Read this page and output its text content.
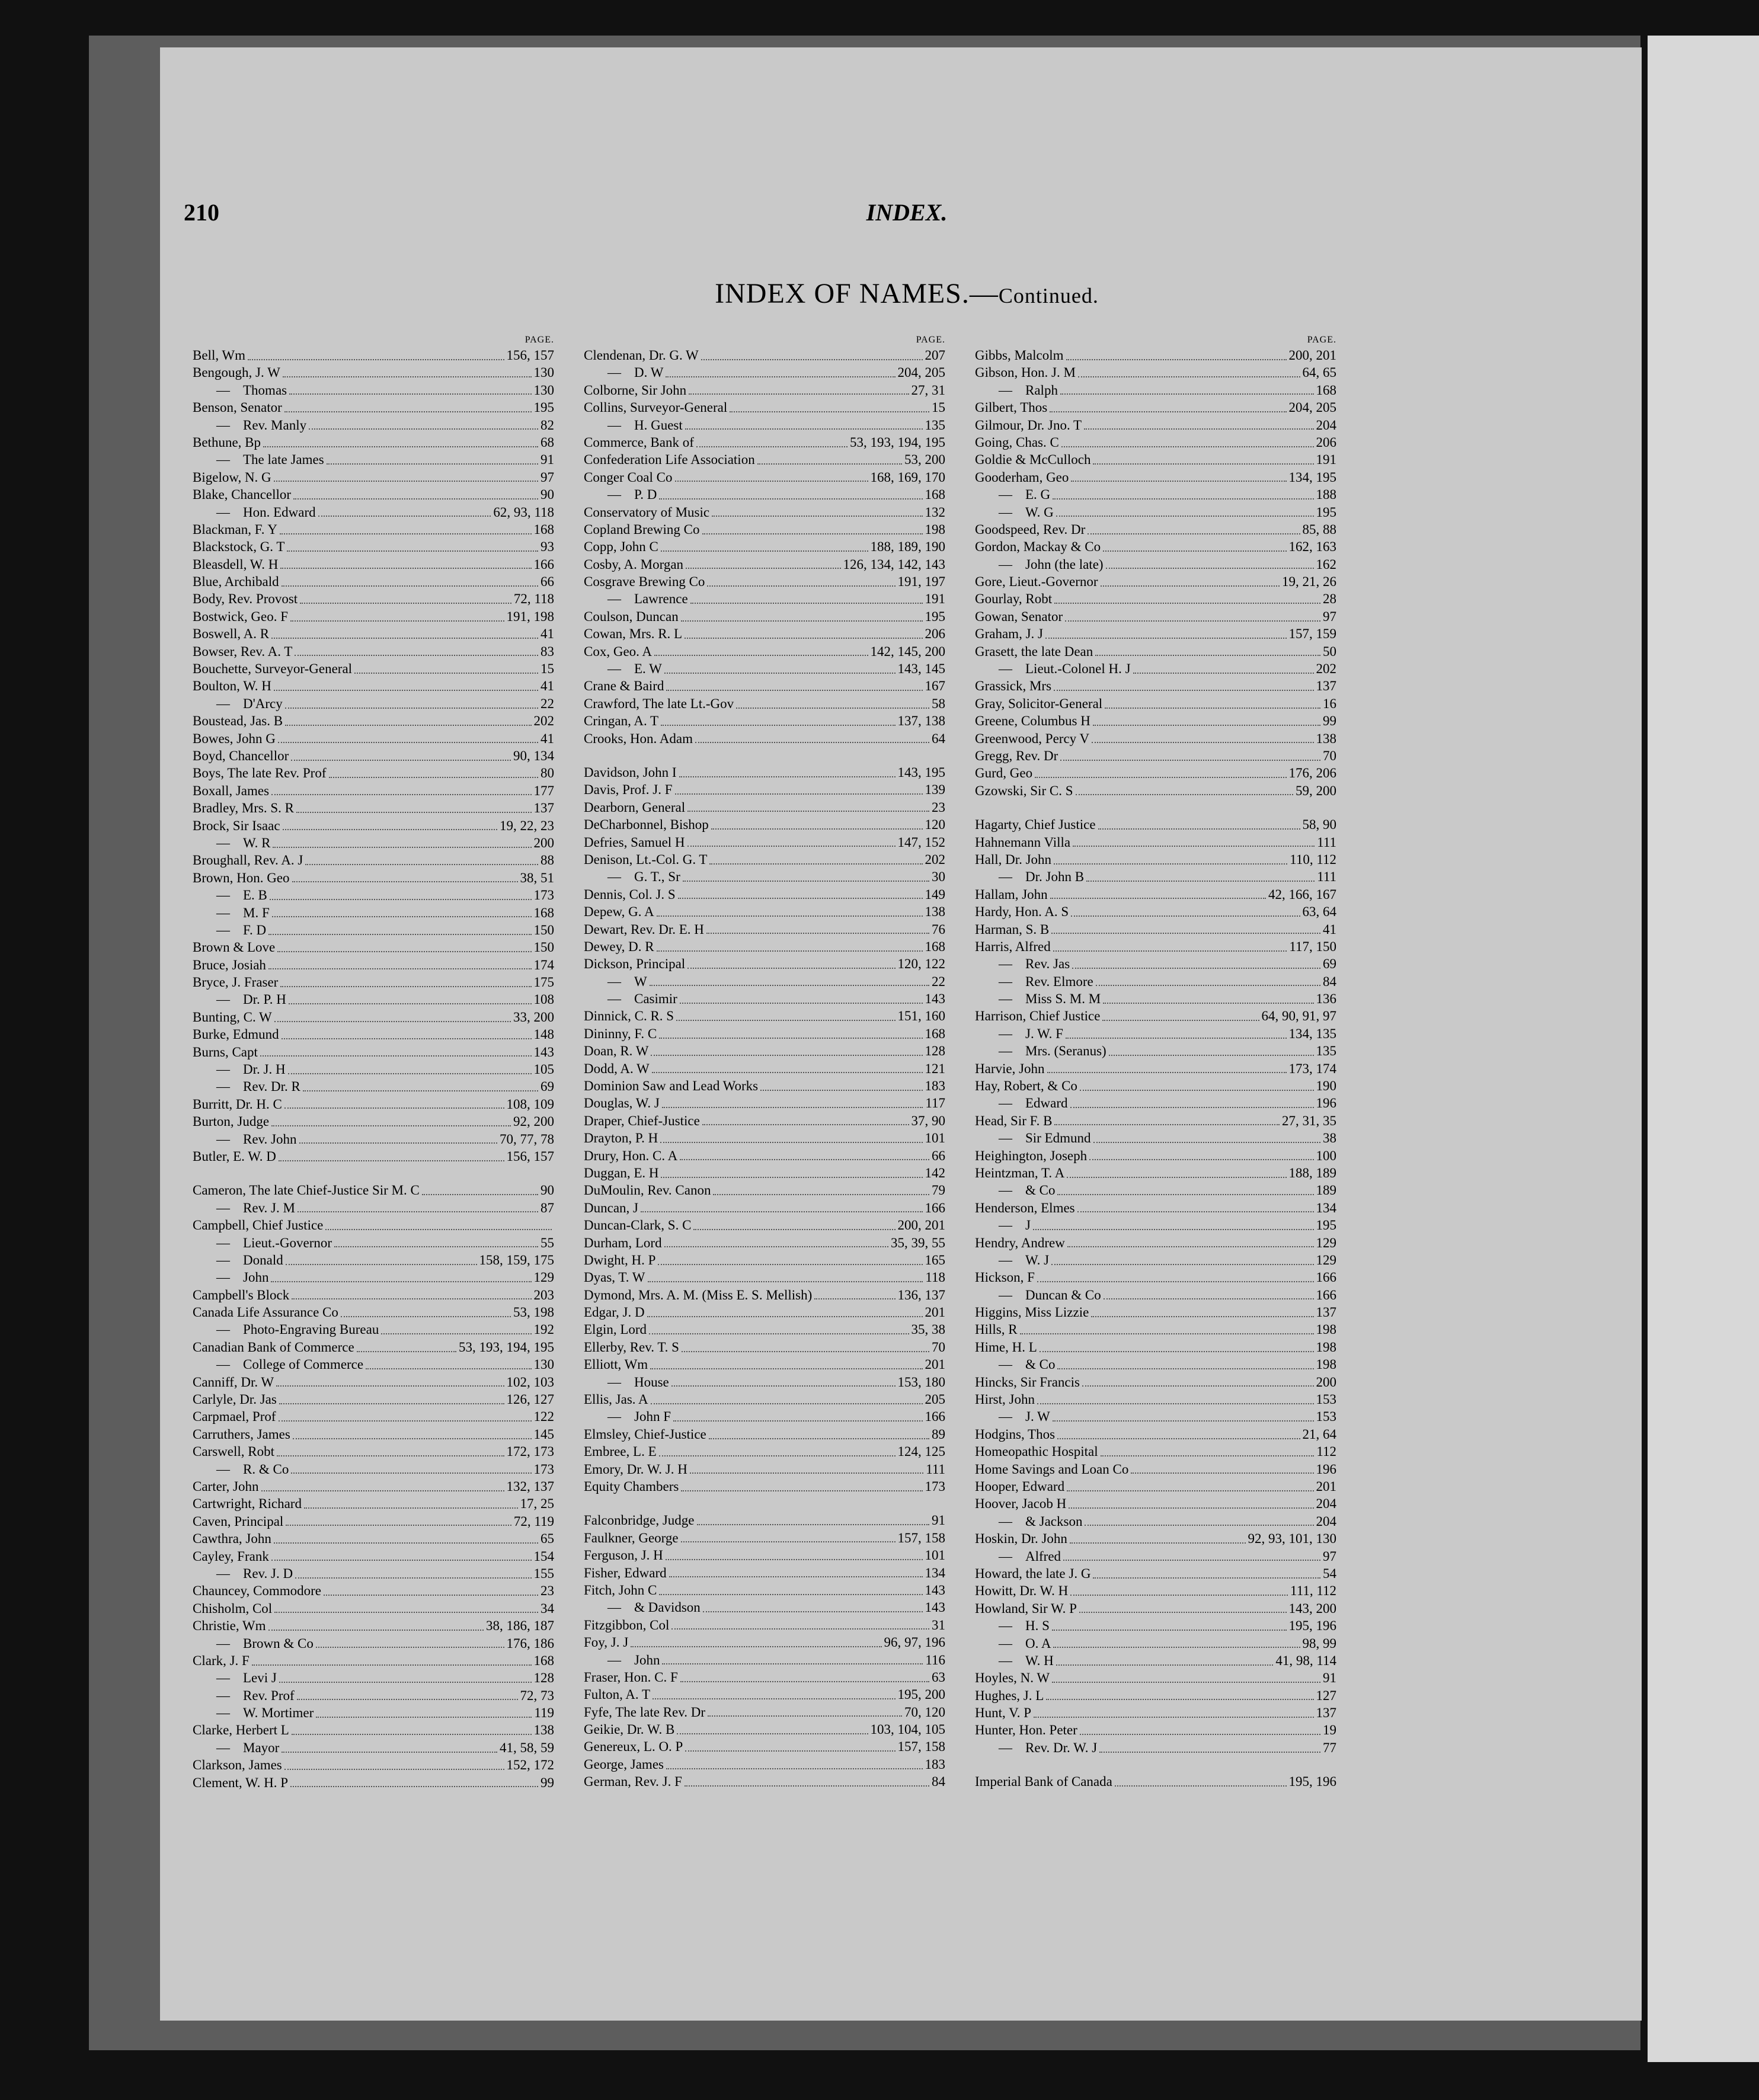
210	INDEX.
INDEX OF NAMES.—Continued.
PAGE.
Bell, Wm	156, 157
Bengough, J. W	130
— Thomas	130
Benson, Senator	195
— Rev. Manly	82
Bethune, Bp	68
— The late James	91
Bigelow, N. G	97
Blake, Chancellor	90
— Hon. Edward	62, 93, 118
Blackman, F. Y	168
Blackstock, G. T	93
Bleasdell, W. H	166
Blue, Archibald	66
Body, Rev. Provost	72, 118
Bostwick, Geo. F	191, 198
Boswell, A. R	41
Bowser, Rev. A. T	83
Bouchette, Surveyor-General	15
Boulton, W. H	41
— D'Arcy	22
Boustead, Jas. B	202
Bowes, John G	41
Boyd, Chancellor	90, 134
Boys, The late Rev. Prof	80
Boxall, James	177
Bradley, Mrs. S. R	137
Brock, Sir Isaac	19, 22, 23
— W. R	200
Broughall, Rev. A. J	88
Brown, Hon. Geo	38, 51
— E. B	173
— M. F	168
— F. D	150
Brown & Love	150
Bruce, Josiah	174
Bryce, J. Fraser	175
— Dr. P. H	108
Bunting, C. W	33, 200
Burke, Edmund	148
Burns, Capt	143
— Dr. J. H	105
— Rev. Dr. R	69
Burritt, Dr. H. C	108, 109
Burton, Judge	92, 200
— Rev. John	70, 77, 78
Butler, E. W. D	156, 157
Cameron, The late Chief-Justice Sir M. C	90
— Rev. J. M	87
Campbell, Chief Justice
— Lieut.-Governor	55
— Donald	158, 159, 175
— John	129
Campbell's Block	203
Canada Life Assurance Co	53, 198
— Photo-Engraving Bureau	192
Canadian Bank of Commerce	53, 193, 194, 195
— College of Commerce	130
Canniff, Dr. W	102, 103
Carlyle, Dr. Jas	126, 127
Carpmael, Prof	122
Carruthers, James	145
Carswell, Robt	172, 173
— R. & Co	173
Carter, John	132, 137
Cartwright, Richard	17, 25
Caven, Principal	72, 119
Cawthra, John	65
Cayley, Frank	154
— Rev. J. D	155
Chauncey, Commodore	23
Chisholm, Col	34
Christie, Wm	38, 186, 187
— Brown & Co	176, 186
Clark, J. F	168
— Levi J	128
— Rev. Prof	72, 73
— W. Mortimer	119
Clarke, Herbert L	138
— Mayor	41, 58, 59
Clarkson, James	152, 172
Clement, W. H. P	99
PAGE.
Clendenan, Dr. G. W	207
— D. W	204, 205
Colborne, Sir John	27, 31
Collins, Surveyor-General	15
— H. Guest	135
Commerce, Bank of	53, 193, 194, 195
Confederation Life Association	53, 200
Conger Coal Co	168, 169, 170
— P. D	168
Conservatory of Music	132
Copland Brewing Co	198
Copp, John C	188, 189, 190
Cosby, A. Morgan	126, 134, 142, 143
Cosgrave Brewing Co	191, 197
— Lawrence	191
Coulson, Duncan	195
Cowan, Mrs. R. L	206
Cox, Geo. A	142, 145, 200
— E. W	143, 145
Crane & Baird	167
Crawford, The late Lt.-Gov	58
Cringan, A. T	137, 138
Crooks, Hon. Adam	64
Davidson, John I	143, 195
Davis, Prof. J. F	139
Dearborn, General	23
DeCharbonnel, Bishop	120
Defries, Samuel H	147, 152
Denison, Lt.-Col. G. T	202
— G. T., Sr	30
Dennis, Col. J. S	149
Depew, G. A	138
Dewart, Rev. Dr. E. H	76
Dewey, D. R	168
Dickson, Principal	120, 122
— W	22
— Casimir	143
Dinnick, C. R. S	151, 160
Dininny, F. C	168
Doan, R. W	128
Dodd, A. W	121
Dominion Saw and Lead Works	183
Douglas, W. J	117
Draper, Chief-Justice	37, 90
Drayton, P. H	101
Drury, Hon. C. A	66
Duggan, E. H	142
DuMoulin, Rev. Canon	79
Duncan, J	166
Duncan-Clark, S. C	200, 201
Durham, Lord	35, 39, 55
Dwight, H. P	165
Dyas, T. W	118
Dymond, Mrs. A. M. (Miss E. S. Mellish)	136, 137
Edgar, J. D	201
Elgin, Lord	35, 38
Ellerby, Rev. T. S	70
Elliott, Wm	201
— House	153, 180
Ellis, Jas. A	205
— John F	166
Elmsley, Chief-Justice	89
Embree, L. E	124, 125
Emory, Dr. W. J. H	111
Equity Chambers	173
Falconbridge, Judge	91
Faulkner, George	157, 158
Ferguson, J. H	101
Fisher, Edward	134
Fitch, John C	143
— & Davidson	143
Fitzgibbon, Col	31
Foy, J. J	96, 97, 196
— John	116
Fraser, Hon. C. F	63
Fulton, A. T	195, 200
Fyfe, The late Rev. Dr	70, 120
Geikie, Dr. W. B	103, 104, 105
Genereux, L. O. P	157, 158
George, James	183
German, Rev. J. F	84
PAGE.
Gibbs, Malcolm	200, 201
Gibson, Hon. J. M	64, 65
— Ralph	168
Gilbert, Thos	204, 205
Gilmour, Dr. Jno. T	204
Going, Chas. C	206
Goldie & McCulloch	191
Gooderham, Geo	134, 195
— E. G	188
— W. G	195
Goodspeed, Rev. Dr	85, 88
Gordon, Mackay & Co	162, 163
— John (the late)	162
Gore, Lieut.-Governor	19, 21, 26
Gourlay, Robt	28
Gowan, Senator	97
Graham, J. J	157, 159
Grasett, the late Dean	50
— Lieut.-Colonel H. J	202
Grassick, Mrs	137
Gray, Solicitor-General	16
Greene, Columbus H	99
Greenwood, Percy V	138
Gregg, Rev. Dr	70
Gurd, Geo	176, 206
Gzowski, Sir C. S	59, 200
Hagarty, Chief Justice	58, 90
Hahnemann Villa	111
Hall, Dr. John	110, 112
— Dr. John B	111
Hallam, John	42, 166, 167
Hardy, Hon. A. S	63, 64
Harman, S. B	41
Harris, Alfred	117, 150
— Rev. Jas	69
— Rev. Elmore	84
— Miss S. M. M	136
Harrison, Chief Justice	64, 90, 91, 97
— J. W. F	134, 135
— Mrs. (Seranus)	135
Harvie, John	173, 174
Hay, Robert, & Co	190
— Edward	196
Head, Sir F. B	27, 31, 35
— Sir Edmund	38
Heighington, Joseph	100
Heintzman, T. A	188, 189
— & Co	189
Henderson, Elmes	134
— J	195
Hendry, Andrew	129
— W. J	129
Hickson, F	166
— Duncan & Co	166
Higgins, Miss Lizzie	137
Hills, R	198
Hime, H. L	198
— & Co	198
Hincks, Sir Francis	200
Hirst, John	153
— J. W	153
Hodgins, Thos	21, 64
Homeopathic Hospital	112
Home Savings and Loan Co	196
Hooper, Edward	201
Hoover, Jacob H	204
— & Jackson	204
Hoskin, Dr. John	92, 93, 101, 130
— Alfred	97
Howard, the late J. G	54
Howitt, Dr. W. H	111, 112
Howland, Sir W. P	143, 200
— H. S	195, 196
— O. A	98, 99
— W. H	41, 98, 114
Hoyles, N. W	91
Hughes, J. L	127
Hunt, V. P	137
Hunter, Hon. Peter	19
— Rev. Dr. W. J	77
Imperial Bank of Canada	195, 196
